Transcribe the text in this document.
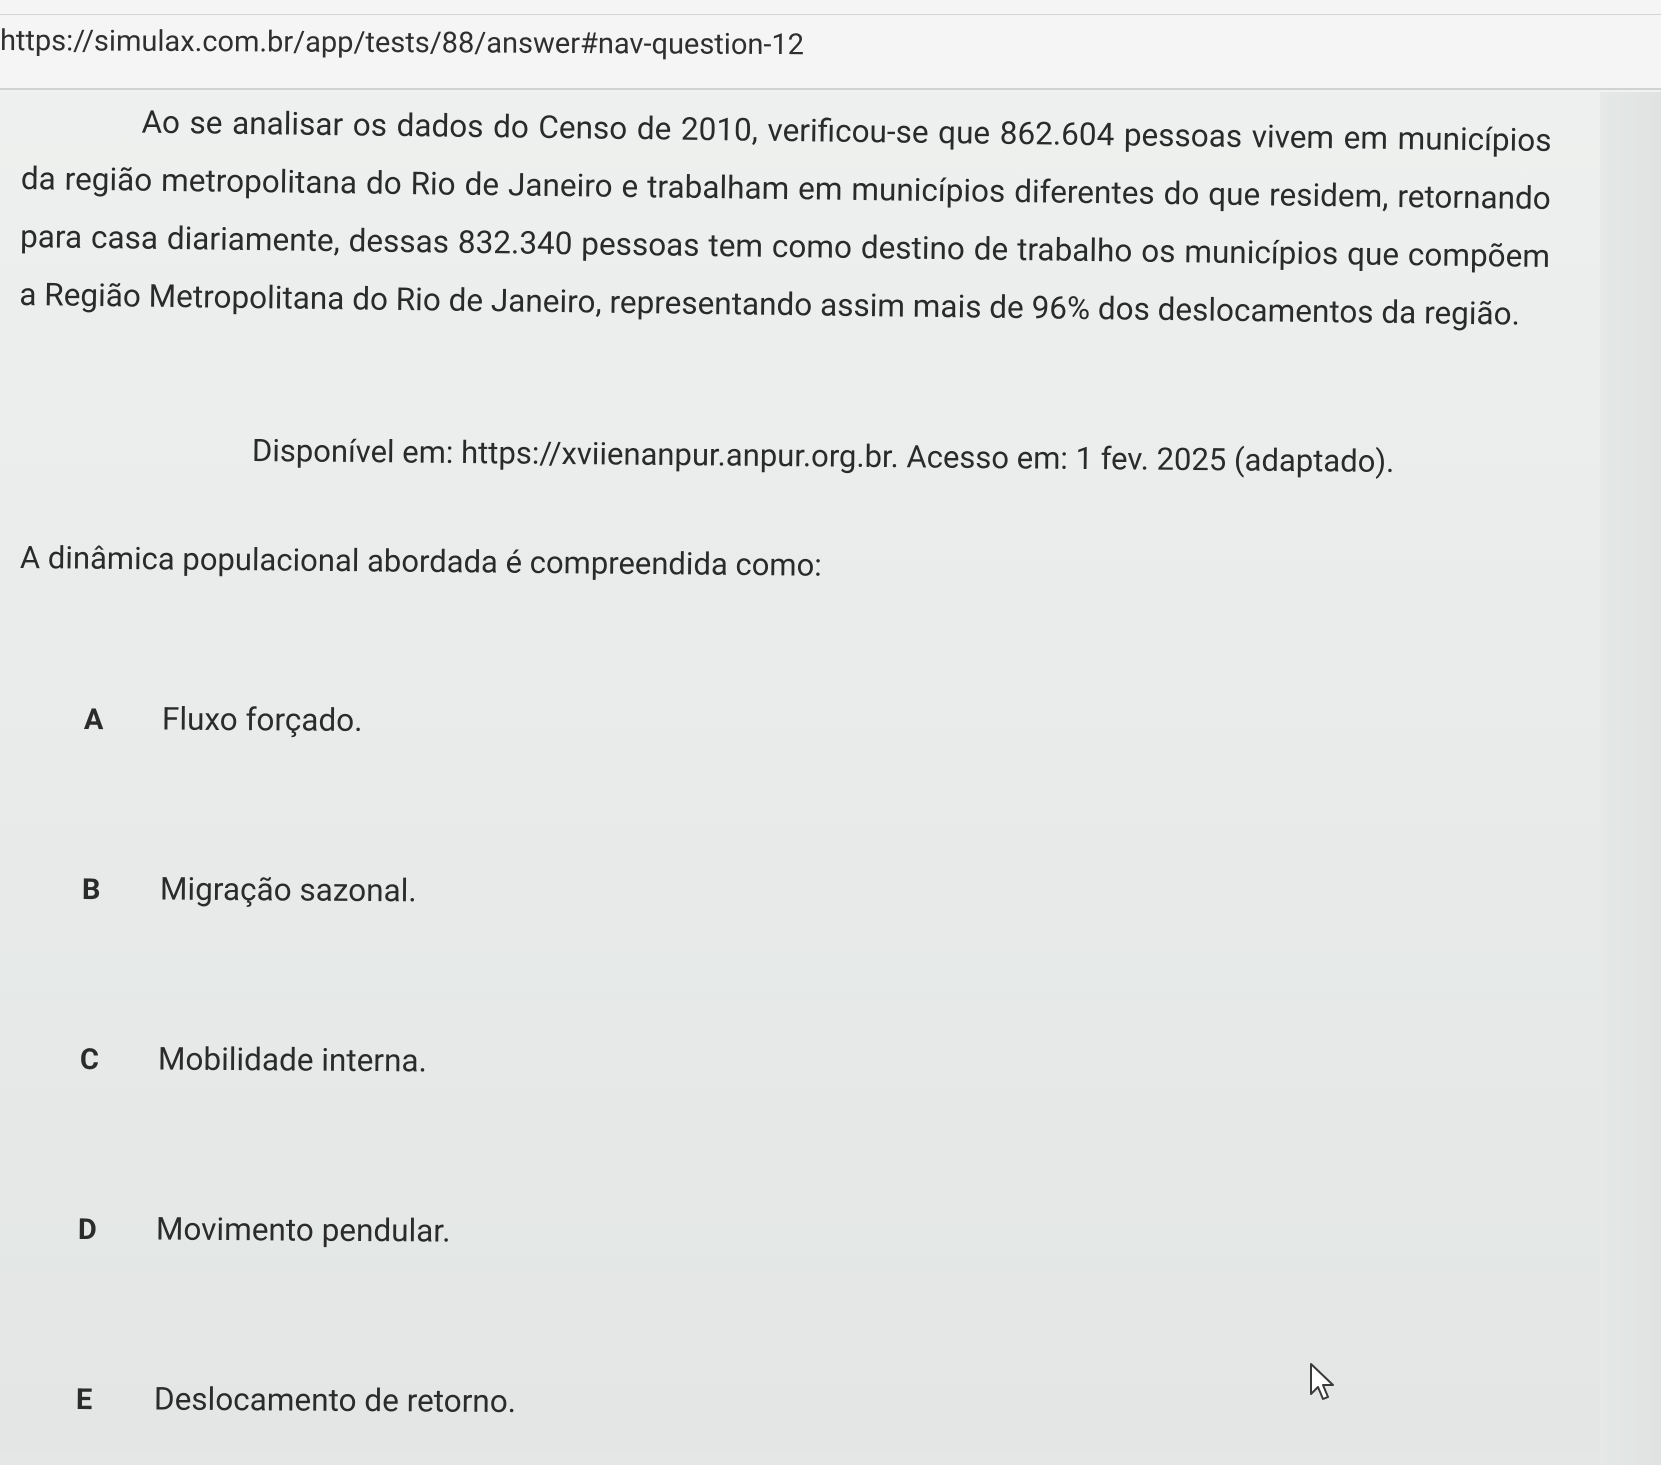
https://simulax.com.br/app/tests/88/answer#nav-question-12
Ao se analisar os dados do Censo de 2010, verificou-se que 862.604 pessoas vivem em municípios da região metropolitana do Rio de Janeiro e trabalham em municípios diferentes do que residem, retornando para casa diariamente, dessas 832.340 pessoas tem como destino de trabalho os municípios que compõem a Região Metropolitana do Rio de Janeiro, representando assim mais de 96% dos deslocamentos da região.
Disponível em: https://xviienanpur.anpur.org.br. Acesso em: 1 fev. 2025 (adaptado).
A dinâmica populacional abordada é compreendida como:
A Fluxo forçado.
B Migração sazonal.
C Mobilidade interna.
D Movimento pendular.
E Deslocamento de retorno.
